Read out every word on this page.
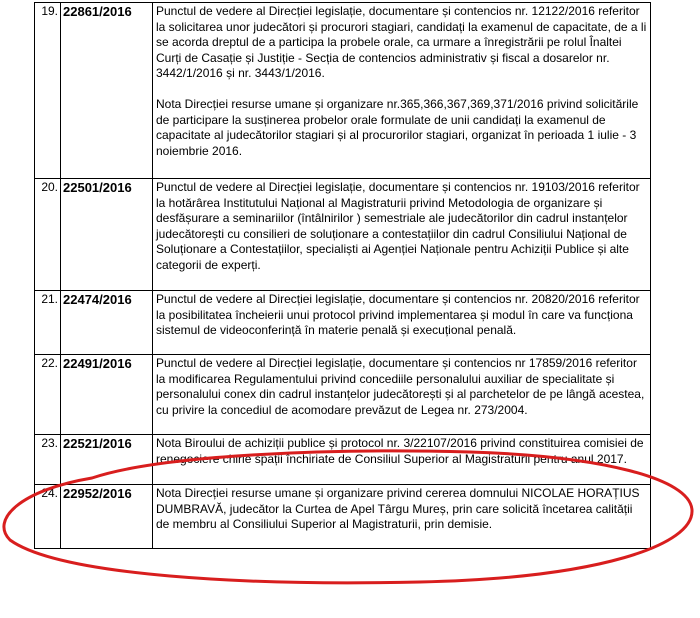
19.	22861/2016	Punctul de vedere al Direcției legislație, documentare și contencios nr. 12122/2016 referitor la solicitarea unor judecători și procurori stagiari, candidați la examenul de capacitate, de a li se acorda dreptul de a participa la probele orale, ca urmare a înregistrării pe rolul Înaltei Curți de Casație și Justiție - Secția de contencios administrativ și fiscal a dosarelor nr. 3442/1/2016 și nr. 3443/1/2016.

Nota Direcției resurse umane și organizare nr.365,366,367,369,371/2016 privind solicitările de participare la susținerea probelor orale formulate de unii candidați la examenul de capacitate al judecătorilor stagiari și al procurorilor stagiari, organizat în perioada 1 iulie - 3 noiembrie 2016.

20.	22501/2016	Punctul de vedere al Direcției legislație, documentare și contencios nr. 19103/2016 referitor la hotărârea Institutului Național al Magistraturii privind Metodologia de organizare și desfășurare a seminariilor (întâlnirilor ) semestriale ale judecătorilor din cadrul instanțelor judecătorești cu consilieri de soluționare a contestațiilor din cadrul Consiliului Național de Soluționare a Contestațiilor, specialiști ai Agenției Naționale pentru Achiziții Publice și alte categorii de experți.

21.	22474/2016	Punctul de vedere al Direcției legislație, documentare și contencios nr. 20820/2016 referitor la posibilitatea încheierii unui protocol privind implementarea și modul în care va funcționa sistemul de videoconferință în materie penală și execuțional penală.

22.	22491/2016	Punctul de vedere al Direcției legislație, documentare și contencios nr 17859/2016 referitor la modificarea Regulamentului privind concediile personalului auxiliar de specialitate și personalului conex din cadrul instanțelor judecătorești și al parchetelor de pe lângă acestea, cu privire la concediul de acomodare prevăzut de Legea nr. 273/2004.

23.	22521/2016	Nota Biroului de achiziții publice și protocol nr. 3/22107/2016 privind constituirea comisiei de renegociere chirie spații închiriate de Consiliul Superior al Magistraturii pentru anul 2017.

24.	22952/2016	Nota Direcției resurse umane și organizare privind cererea domnului NICOLAE HORAȚIUS DUMBRAVĂ, judecător la Curtea de Apel Târgu Mureș, prin care solicită încetarea calității de membru al Consiliului Superior al Magistraturii, prin demisie.
